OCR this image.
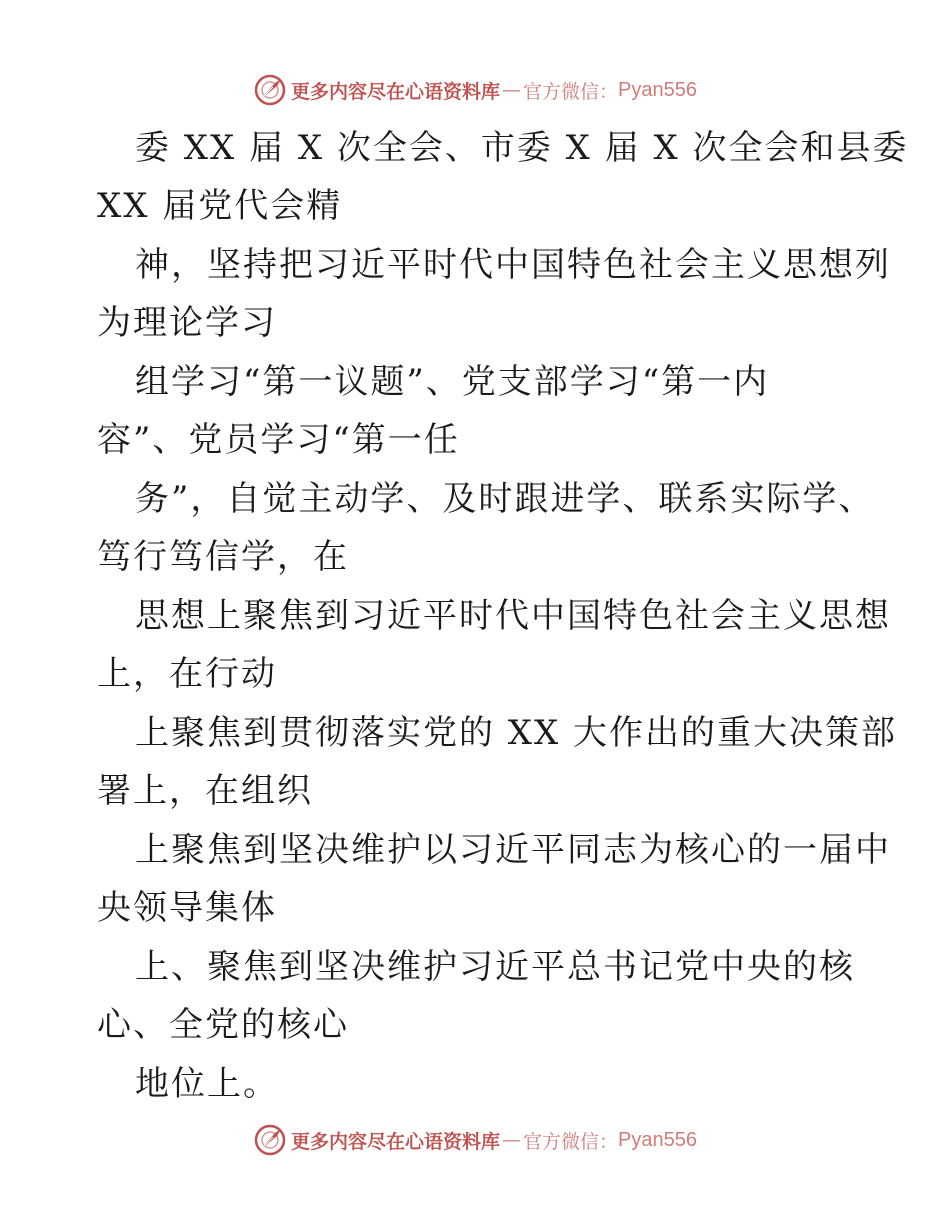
更多内容尽在心语资料库 — 官方微信： Pyan556
委 XX 届 X 次全会、市委 X 届 X 次全会和县委
XX 届党代会精
神，坚持把习近平时代中国特色社会主义思想列
为理论学习
组学习“第一议题”、党支部学习“第一内
容”、党员学习“第一任
务”，自觉主动学、及时跟进学、联系实际学、
笃行笃信学，在
思想上聚焦到习近平时代中国特色社会主义思想
上，在行动
上聚焦到贯彻落实党的 XX 大作出的重大决策部
署上，在组织
上聚焦到坚决维护以习近平同志为核心的一届中
央领导集体
上、聚焦到坚决维护习近平总书记党中央的核
心、全党的核心
地位上。
更多内容尽在心语资料库 — 官方微信： Pyan556
